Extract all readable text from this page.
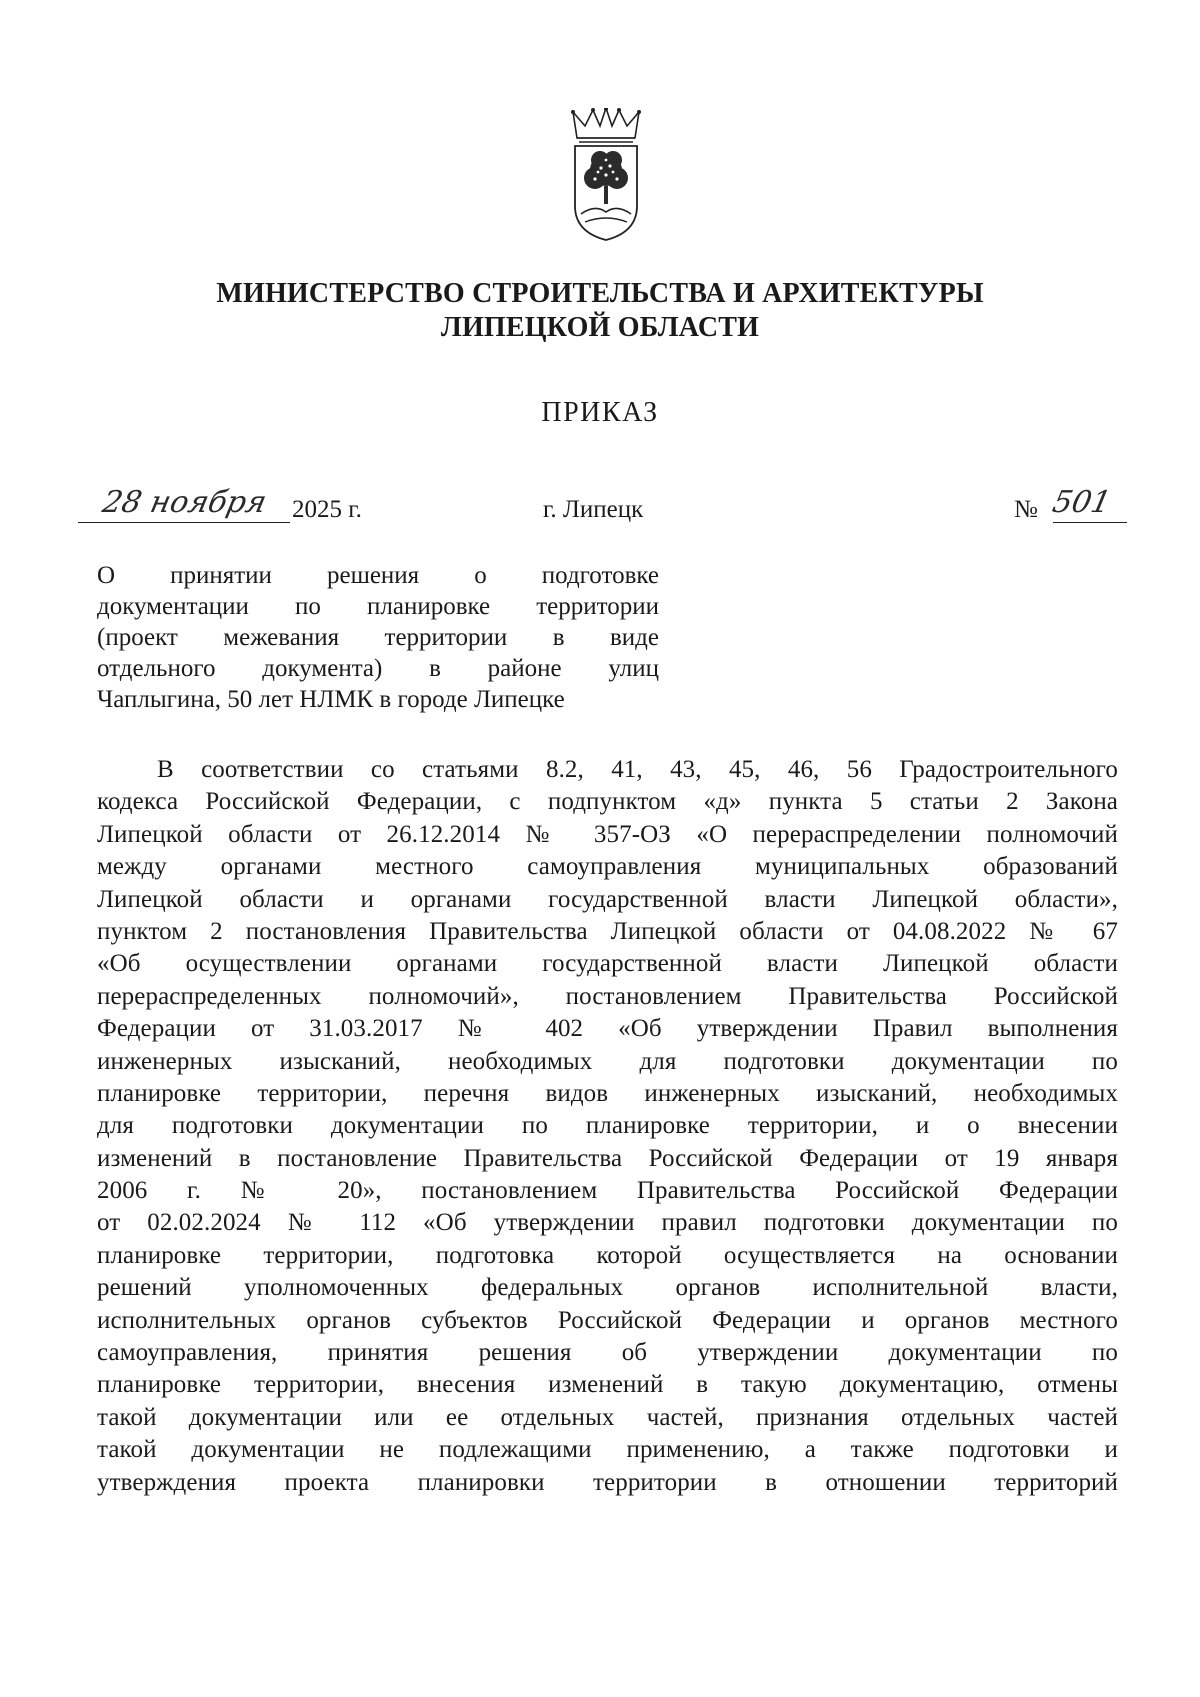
МИНИСТЕРСТВО СТРОИТЕЛЬСТВА И АРХИТЕКТУРЫ
ЛИПЕЦКОЙ ОБЛАСТИ
ПРИКАЗ
28 ноября 2025 г.	г. Липецк	№ 501
О принятии решения о подготовке
документации по планировке территории
(проект межевания территории в виде
отдельного документа) в районе улиц
Чаплыгина, 50 лет НЛМК в городе Липецке
В соответствии со статьями 8.2, 41, 43, 45, 46, 56 Градостроительного
кодекса Российской Федерации, с подпунктом «д» пункта 5 статьи 2 Закона
Липецкой области от 26.12.2014 № 357-ОЗ «О перераспределении полномочий
между органами местного самоуправления муниципальных образований
Липецкой области и органами государственной власти Липецкой области»,
пунктом 2 постановления Правительства Липецкой области от 04.08.2022 № 67
«Об осуществлении органами государственной власти Липецкой области
перераспределенных полномочий», постановлением Правительства Российской
Федерации от 31.03.2017 № 402 «Об утверждении Правил выполнения
инженерных изысканий, необходимых для подготовки документации по
планировке территории, перечня видов инженерных изысканий, необходимых
для подготовки документации по планировке территории, и о внесении
изменений в постановление Правительства Российской Федерации от 19 января
2006 г. № 20», постановлением Правительства Российской Федерации
от 02.02.2024 № 112 «Об утверждении правил подготовки документации по
планировке территории, подготовка которой осуществляется на основании
решений уполномоченных федеральных органов исполнительной власти,
исполнительных органов субъектов Российской Федерации и органов местного
самоуправления, принятия решения об утверждении документации по
планировке территории, внесения изменений в такую документацию, отмены
такой документации или ее отдельных частей, признания отдельных частей
такой документации не подлежащими применению, а также подготовки и
утверждения проекта планировки территории в отношении территорий
